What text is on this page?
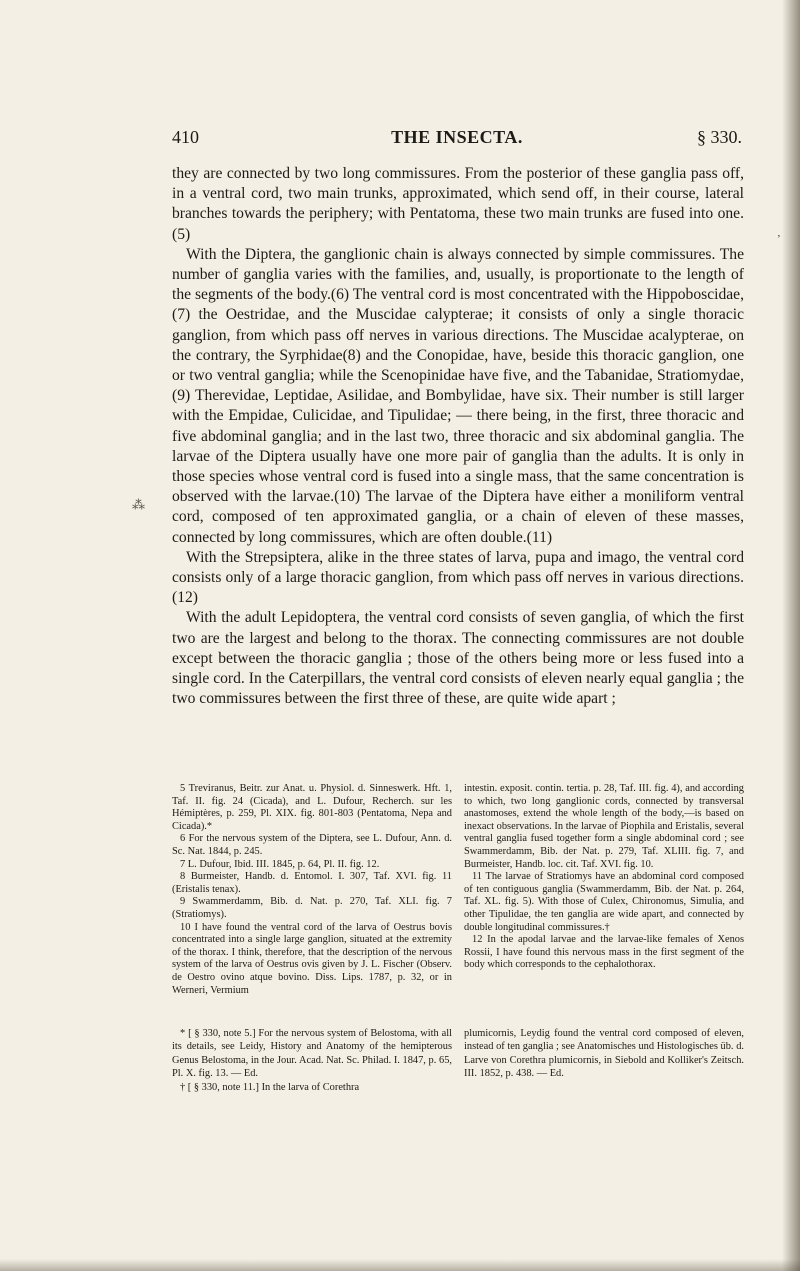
THE INSECTA.
410	§ 330.

they are connected by two long commissures. From the posterior of these ganglia pass off, in a ventral cord, two main trunks, approximated, which send off, in their course, lateral branches towards the periphery; with Pentatoma, these two main trunks are fused into one.(5)

With the Diptera, the ganglionic chain is always connected by simple commissures. The number of ganglia varies with the families, and, usually, is proportionate to the length of the segments of the body.(6) The ventral cord is most concentrated with the Hippoboscidae,(7) the Oestridae, and the Muscidae calypterae; it consists of only a single thoracic ganglion, from which pass off nerves in various directions. The Muscidae acalypterae, on the contrary, the Syrphidae(8) and the Conopidae, have, beside this thoracic ganglion, one or two ventral ganglia; while the Scenopinidae have five, and the Tabanidae, Stratiomydae,(9) Therevidae, Leptidae, Asilidae, and Bombylidae, have six. Their number is still larger with the Empidae, Culicidae, and Tipulidae; — there being, in the first, three thoracic and five abdominal ganglia; and in the last two, three thoracic and six abdominal ganglia. The larvae of the Diptera usually have one more pair of ganglia than the adults. It is only in those species whose ventral cord is fused into a single mass, that the same concentration is observed with the larvae.(10) The larvae of the Diptera have either a moniliform ventral cord, composed of ten approximated ganglia, or a chain of eleven of these masses, connected by long commissures, which are often double.(11)

With the Strepsiptera, alike in the three states of larva, pupa and imago, the ventral cord consists only of a large thoracic ganglion, from which pass off nerves in various directions.(12)

With the adult Lepidoptera, the ventral cord consists of seven ganglia, of which the first two are the largest and belong to the thorax. The connecting commissures are not double except between the thoracic ganglia ; those of the others being more or less fused into a single cord. In the Caterpillars, the ventral cord consists of eleven nearly equal ganglia ; the two commissures between the first three of these, are quite wide apart ;

5 Treviranus, Beitr. zur Anat. u. Physiol. d. Sinneswerk. Hft. 1, Taf. II. fig. 24 (Cicada), and L. Dufour, Recherch. sur les Hémiptères, p. 259, Pl. XIX. fig. 801-803 (Pentatoma, Nepa and Cicada).*

6 For the nervous system of the Diptera, see L. Dufour, Ann. d. Sc. Nat. 1844, p. 245.

7 L. Dufour, Ibid. III. 1845, p. 64, Pl. II. fig. 12.

8 Burmeister, Handb. d. Entomol. I. 307, Taf. XVI. fig. 11 (Eristalis tenax).

9 Swammerdamm, Bib. d. Nat. p. 270, Taf. XLI. fig. 7 (Stratiomys).

10 I have found the ventral cord of the larva of Oestrus bovis concentrated into a single large ganglion, situated at the extremity of the thorax. I think, therefore, that the description of the nervous system of the larva of Oestrus ovis given by J. L. Fischer (Observ. de Oestro ovino atque bovino. Diss. Lips. 1787, p. 32, or in Werneri, Vermium

intestin. exposit. contin. tertia. p. 28, Taf. III. fig. 4), and according to which, two long ganglionic cords, connected by transversal anastomoses, extend the whole length of the body,—is based on inexact observations. In the larvae of Piophila and Eristalis, several ventral ganglia fused together form a single abdominal cord ; see Swammerdamm, Bib. der Nat. p. 279, Taf. XLIII. fig. 7, and Burmeister, Handb. loc. cit. Taf. XVI. fig. 10.

11 The larvae of Stratiomys have an abdominal cord composed of ten contiguous ganglia (Swammerdamm, Bib. der Nat. p. 264, Taf. XL. fig. 5). With those of Culex, Chironomus, Simulia, and other Tipulidae, the ten ganglia are wide apart, and connected by double longitudinal commissures.†

12 In the apodal larvae and the larvae-like females of Xenos Rossii, I have found this nervous mass in the first segment of the body which corresponds to the cephalothorax.

* [ § 330, note 5.] For the nervous system of Belostoma, with all its details, see Leidy, History and Anatomy of the hemipterous Genus Belostoma, in the Jour. Acad. Nat. Sc. Philad. I. 1847, p. 65, Pl. X. fig. 13. — Ed.

† [ § 330, note 11.] In the larva of Corethra

plumicornis, Leydig found the ventral cord composed of eleven, instead of ten ganglia ; see Anatomisches und Histologisches üb. d. Larve von Corethra plumicornis, in Siebold and Kolliker's Zeitsch. III. 1852, p. 438. — Ed.

⁂
’
